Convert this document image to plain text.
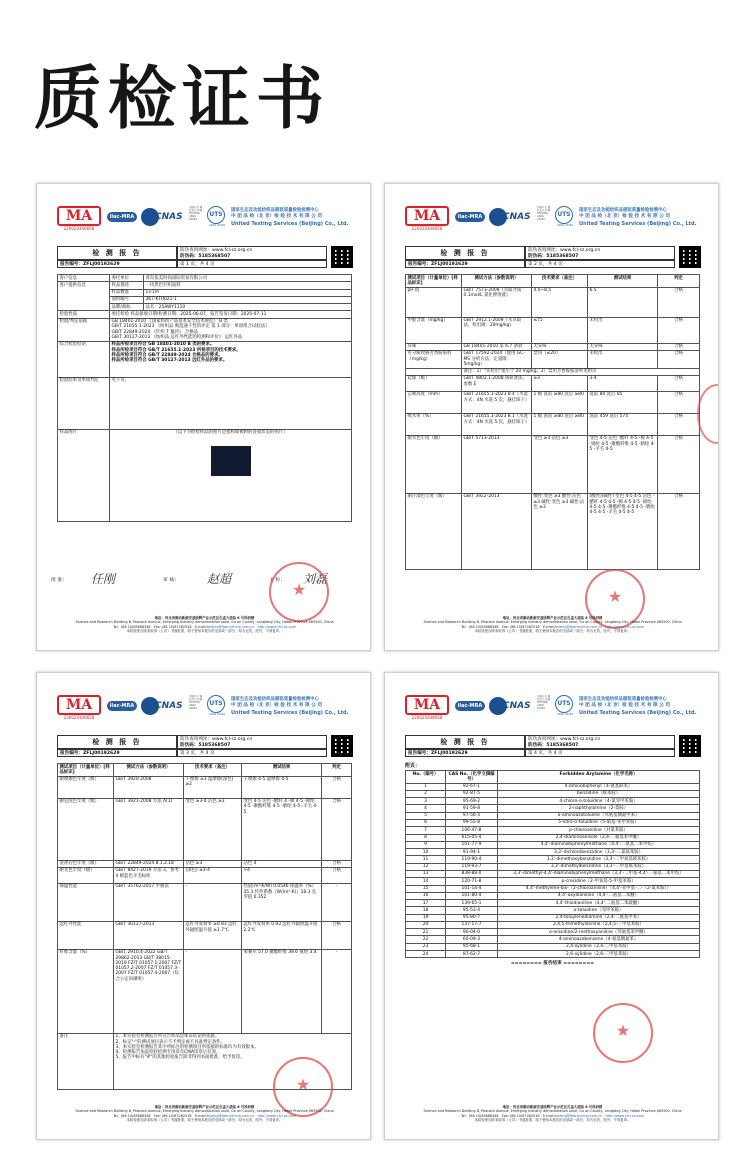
质检证书
MA
220020346658
ilac-MRA	CNAS
中国认可 国际互认 检测 TESTING CNAS L8284
UTS
CNAS L8284
国家生态及功能纺织品服装质量检验检测中心
中 团 品 检（北 京）检 验 技 术 有 限 公 司
United Testing Services (Beijing) Co., Ltd.
检 测 报 告	防伪查询网址：www.fcl-sz.org.cn
防伪码：5185368507
报告编号：ZFLJ00192629	第 1 页，共 4 页
客户信息	委托单位	青岛依美时尚国际贸易有限公司
客户提供信息	样品描述	一块黑色针织面料
	样品数量	1×1m
	面料编号	367-KTH021-1
	品牌/商标	品名：25AWY1110
检验性质	委托检验 样品接收日期/检测日期：2025-06-07，报告签发日期：2025-07-11	
检验/判定依据	GB 18401-2010 《国家纺织产品基本安全技术规范》 B 类
GB/T 21655.1-2023 《纺织品 吸湿速干性的评定 第 1 部分：单项组合试验法》
GB/T 22849-2024 《针织 T 恤衫》 合格品
GB/T 30127-2013 《纺织品 远红外性能的检测和评价》 远红外品	

综合检验结论	样品所检项目符合 GB 18401-2010 B 类的要求。
样品所检项目符合 GB/T 21655.1-2023 所检项目的技术要求。
样品所检项目符合 GB/T 22849-2024 合格品的要求。
样品所检项目符合 GB/T 30127-2013 远红外品的要求。	

检验结果及单项判定	见下页。	
样品图片	（以下为经检样品的照片是指和或被附的签收状态的照片）	
批 准： 任刚	审 核： 赵超	主 检： 刘磊
★
地址：河北省廊坊新源安基欣辉产业示范区孔雀大道临 8 号科研楼
Science and Research Building B, Peacock Avenue, Emerging Industry demonstration zone, Gu an County, Langfang City, Hebei Province,065500, China
Tel：(86 10)65688348　 Fax: (86 10)67262516　 E-mail:testing@fabricchina.com.cn　 http://www.cfcl-sz.com
本检验报告除非取得（公司）书面批准，给于使用本报告的全部或一部分，均为无效，经外，不得复印。
MA
220020346658
ilac-MRA	CNAS
中国认可 国际互认 检测 TESTING CNAS L8284
UTS
CNAS L8284
国家生态及功能纺织品服装质量检验检测中心
中 团 品 检（北 京）检 验 技 术 有 限 公 司
United Testing Services (Beijing) Co., Ltd.
检 测 报 告	防伪查询网址：www.fcl-sz.org.cn
防伪码：5185368507
报告编号：ZFLJ00192629	第 2 页，共 4 页
测试项目（计量单位）[样品标识]	测试方法（参数说明）	技术要求（备注）	测试结果	判定
pH 值	GB/T 7573-2009（萃取介质：0.1mol/L 氯化钾溶液）	4.0~8.5	6.5	合格
甲醛含量（mg/kg）	GB/T 2912.1-2009（水萃取法，检出限：20mg/kg）	≤75	未检出	合格
异味	GB 18401-2010 第 6.7 条款	无异味	无异味	合格
可分解致癌芳香胺染料（mg/kg）	GB/T 17592-2024（使用 GC-MS 分析方法；定量限：5mg/kg）	禁用（≤20）	未检出	合格
	备注：1）"未检出"指小于 20 mg/kg。2）禁用芳香胺胺清单见附页			
起球（级）	GB/T 4802.1-2008 圆轨迹法，参数 E	≥3	3-4	合格
芯吸高度（mm）	GB/T 21655.1-2023 8.4（水洗方式：4N 水洗 5 次，悬挂晾干）	1 级 洗前 ≥80 洗后 ≥80	洗前 80 洗后 85	合格
吸水率（%）	GB/T 21655.1-2023 8.1（水洗方式：4N 水洗 5 次，悬挂晾干）	1 级 洗前 ≥80 洗后 ≥80	洗前 459 洗后 574	合格
耐水色牢度（级）	GB/T 5713-2013	变色 ≥3 沾色 ≥3	变色 4-5 沾色 -醋纤 4-5 -棉 4-5 -锦纶 4-5 -聚酯纤维 4-5 -腈纶 4-5 -羊毛 4-5	合格
耐汗渍色牢度（级）	GB/T 3922-2013	酸性:变色 ≥3 酸性:沾色 ≥3 碱性:变色 ≥3 碱性:沾色 ≥3	(酸性)(碱性) 变色 4-5 4-5 沾色 -醋纤 4-5 4-5 -棉 4-5 4-5 -锦纶 4-5 4-5 -聚酯纤维 4-5 4-5 -腈纶 4-5 4-5 -羊毛 4-5 4-5	合格
★
地址：河北省廊坊新源安基欣辉产业示范区孔雀大道临 8 号科研楼
Science and Research Building B, Peacock Avenue, Emerging Industry demonstration zone, Gu an County, Langfang City, Hebei Province,065500, China
Tel：(86 10)65688348　 Fax: (86 10)67262516　 E-mail:testing@fabricchina.com.cn　 http://www.cfcl-sz.com
本检验报告除非取得（公司）书面批准，给于使用本报告的全部或一部分，均为无效，经外，不得复印。
MA
220020346658
ilac-MRA	CNAS
中国认可 国际互认 检测 TESTING CNAS L8284
UTS
CNAS L8284
国家生态及功能纺织品服装质量检验检测中心
中 团 品 检（北 京）检 验 技 术 有 限 公 司
United Testing Services (Beijing) Co., Ltd.
检 测 报 告	防伪查询网址：www.fcl-sz.org.cn
防伪码：5185368507
报告编号：ZFLJ00192629	第 3 页，共 4 页
测试项目（计量单位）[样品标识]	测试方法（参数说明）	技术要求（备注）	测试结果	判定
耐摩擦色牢度（级）	GB/T 3920-2008	干摩擦 ≥3 湿摩擦(深色) ≥2	干摩擦 4-5 湿摩擦 4-5	合格
耐皂洗色牢度（级）	GB/T 3921-2008 方法 A(1)	变色 ≥3-4 沾色 ≥3	变色 4-5 沾色 -醋纤 4 -棉 4-5 -锦纶 4-5 -聚酯纤维 4-5 -腈纶 4-5 -羊毛 4-5	合格
洗涤后色牢度（级）	GB/T 22849-2024 8.1.2.18	沾色 ≥3	沾色 4	合格
耐光色牢度（级）	GB/T 8427-2019 方法 3，参考 4 级蓝色羊毛标样	(深色) ≥3-4	>4	合格
保温性能	GB/T 35762-2017 平板法	-	热阻(m²·K/W) 0.0546 保温率（%）35.3 传热系数（W/(m²·K)）18.3 克罗值 0.352	-
远红外性能	GB/T 30127-2013	远红外发射率 ≥0.83 远红外辐照温升值 ≥1.7℃	远红外发射率 0.93 远红外辐照温升值 2.2℃	合格
纤维含量（%）	GB/T 2910.4-2022 GB/T 29862-2013 GB/T 38015-2019 FZ/T 01057.1-2007 FZ/T 01057.2-2007 FZ/T 01057.3-2007 FZ/T 01057.4-2007（综合公定回潮率）	-	莱赛尔 57.0 聚酯纤维 39.6 氨纶 3.4	-
备注	1、本实验室检测报告所宣告样品是保证结论的依据。
2、标记"-"的测试项目表示不予判定或不具备判定条件。
3、本实验室检测报告其中所标注的检测项目所依据的标准均为有效版本。
4、检测报告加盖检验检测专用章及CMA印章后有效。
5、报告中标有"#"的其他检验报告除非得到书面批准，给予复印。			
★
地址：河北省廊坊新源安基欣辉产业示范区孔雀大道临 8 号科研楼
Science and Research Building B, Peacock Avenue, Emerging Industry demonstration zone, Gu an County, Langfang City, Hebei Province,065500, China
Tel：(86 10)65688348　 Fax: (86 10)67262516　 E-mail:testing@fabricchina.com.cn　 http://www.cfcl-sz.com
本检验报告除非取得（公司）书面批准，给于使用本报告的全部或一部分，均为无效，经外，不得复印。
MA
220020346658
ilac-MRA	CNAS
中国认可 国际互认 检测 TESTING CNAS L8284
UTS
CNAS L8284
国家生态及功能纺织品服装质量检验检测中心
中 团 品 检（北 京）检 验 技 术 有 限 公 司
United Testing Services (Beijing) Co., Ltd.
检 测 报 告	防伪查询网址：www.fcl-sz.org.cn
防伪码：5185368507
报告编号：ZFLJ00192629	第 4 页，共 4 页
附页：
No.（编号）	CAS No.（化学文摘编号）	Forbidden Arylamine（化学名称）
1	92-67-1	4-aminobiphenyl（4-氨基联苯）
2	92-87-5	benzidine（联苯胺）
3	95-69-2	4-chloro-o-toluidine（4-氯邻甲苯胺）
4	91-59-8	2-naphthylamine（2-萘胺）
5	97-56-3	o-aminoazotoluene（邻氨基偶氮甲苯）
6	99-55-8	5-nitro-o-toluidine（5-硝基-邻甲苯胺）
7	106-47-8	p-chloroaniline（对氯苯胺）
8	615-05-4	2,4-diaminoanisole（2,4-二氨基苯甲醚）
9	101-77-9	4,4'-diaminobiphenylmethane（4,4'-二氨基二苯甲烷）
10	91-94-1	3,3'-dichlorobenzidine（3,3'-二氯联苯胺）
11	119-90-4	3,3'-dimethoxybenzidine（3,3'-二甲氧基联苯胺）
12	119-93-7	3,3'-dimethylbenzidine（3,3'-二甲基联苯胺）
13	838-88-0	3,3'-dimethyl-4,4'-diaminobiphenylmethane（3,3'-二甲基-4,4'-二氨基二苯甲烷）
14	120-71-8	p-cresidine（2-甲氧基-5-甲基苯胺）
15	101-14-4	4,4'-methylene-bis-（2-chloroaniline）（4,4'-亚甲基-二-（2-氯苯胺））
16	101-80-4	4,4'-oxydianiline（4,4'-二氨基二苯醚）
17	139-65-1	4,4'-thiodianiline（4,4'-二氨基二苯硫醚）
18	95-53-4	o-toluidine（邻甲苯胺）
19	95-80-7	2,4-toluylenediamine（2,4-二氨基甲苯）
20	137-17-7	2,4,5-trimethylaniline（2,4,5-三甲基苯胺）
21	90-04-0	o-anisidine/2-methoxyaniline（邻氨基苯甲醚）
22	60-09-3	4-aminoazobenzene（4-氨基偶氮苯）
23	95-68-1	2,4-xylidine（2,4-二甲基苯胺）
24	87-62-7	2,6-xylidine（2,6-二甲基苯胺）
======== 报告结束 ========
★
地址：河北省廊坊新源安基欣辉产业示范区孔雀大道临 8 号科研楼
Science and Research Building B, Peacock Avenue, Emerging Industry demonstration zone, Gu an County, Langfang City, Hebei Province,065500, China
Tel：(86 10)65688348　 Fax: (86 10)67262516　 E-mail:testing@fabricchina.com.cn　 http://www.cfcl-sz.com
本检验报告除非取得（公司）书面批准，给于使用本报告的全部或一部分，均为无效，经外，不得复印。
